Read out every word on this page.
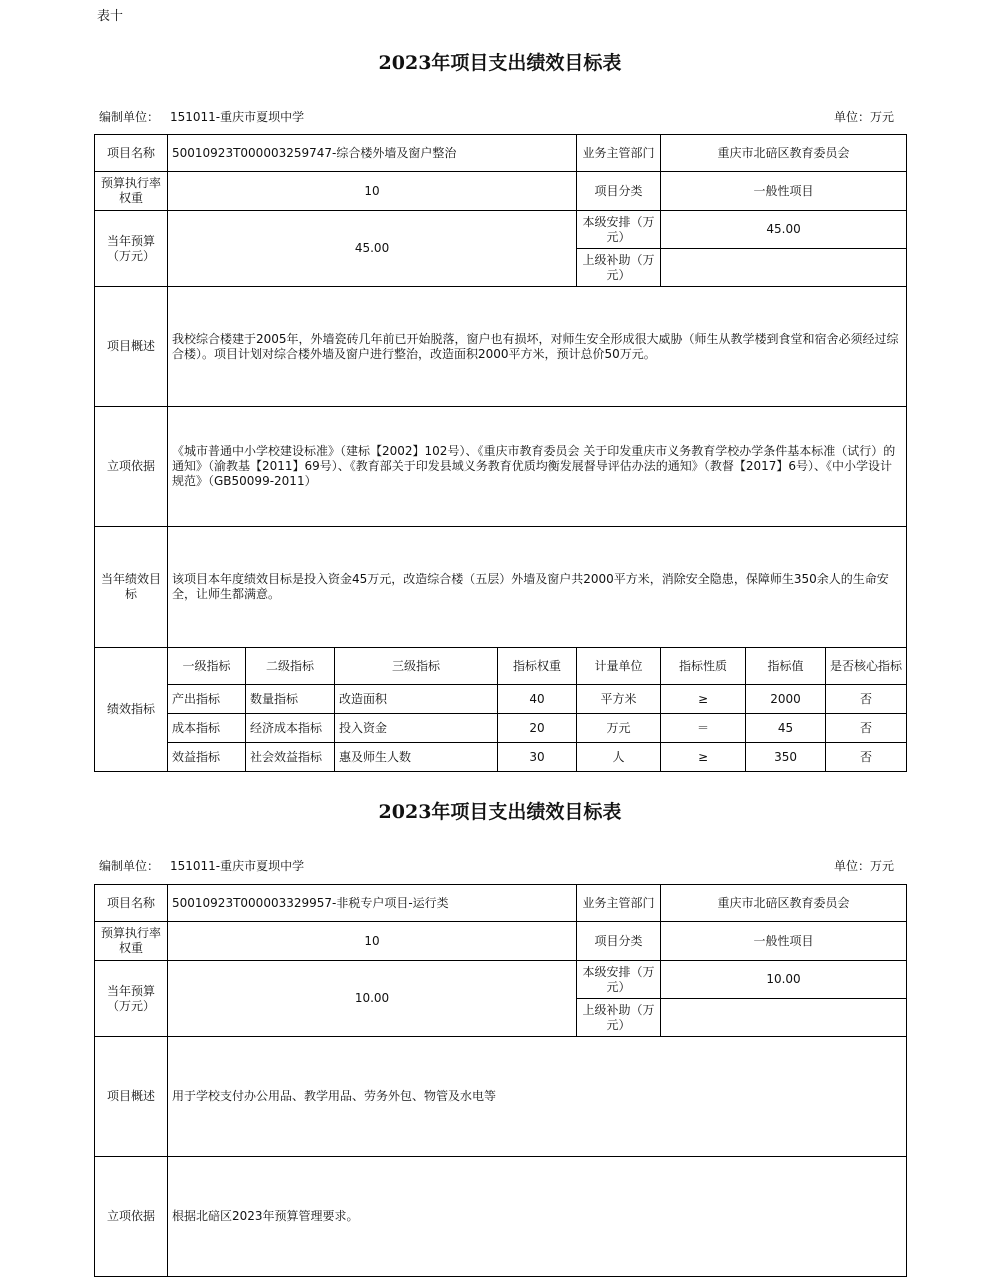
表十
2023年项目支出绩效目标表
编制单位： 151011-重庆市夏坝中学	单位：万元
项目名称	50010923T000003259747-综合楼外墙及窗户整治				业务主管部门	重庆市北碚区教育委员会		
预算执行率权重	10				项目分类	一般性项目		
当年预算（万元）	45.00				本级安排（万元）	45.00		
					上级补助（万元）			
项目概述	我校综合楼建于2005年，外墙瓷砖几年前已开始脱落，窗户也有损坏，对师生安全形成很大威胁（师生从教学楼到食堂和宿舍必须经过综合楼）。项目计划对综合楼外墙及窗户进行整治，改造面积2000平方米，预计总价50万元。							
立项依据	《城市普通中小学校建设标准》（建标【2002】102号）、《重庆市教育委员会 关于印发重庆市义务教育学校办学条件基本标准（试行）的通知》（渝教基【2011】69号）、《教育部关于印发县域义务教育优质均衡发展督导评估办法的通知》（教督【2017】6号）、《中小学设计规范》（GB50099-2011）							
当年绩效目标	该项目本年度绩效目标是投入资金45万元，改造综合楼（五层）外墙及窗户共2000平方米，消除安全隐患，保障师生350余人的生命安全，让师生都满意。							
绩效指标	一级指标	二级指标	三级指标	指标权重	计量单位	指标性质	指标值	是否核心指标
	产出指标	数量指标	改造面积	40	平方米	≥	2000	否
	成本指标	经济成本指标	投入资金	20	万元	＝	45	否
	效益指标	社会效益指标	惠及师生人数	30	人	≥	350	否
2023年项目支出绩效目标表
编制单位： 151011-重庆市夏坝中学	单位：万元
项目名称	50010923T000003329957-非税专户项目-运行类	业务主管部门	重庆市北碚区教育委员会
预算执行率权重	10	项目分类	一般性项目
当年预算（万元）	10.00	本级安排（万元）	10.00
		上级补助（万元）	
项目概述	用于学校支付办公用品、教学用品、劳务外包、物管及水电等		
立项依据	根据北碚区2023年预算管理要求。		
